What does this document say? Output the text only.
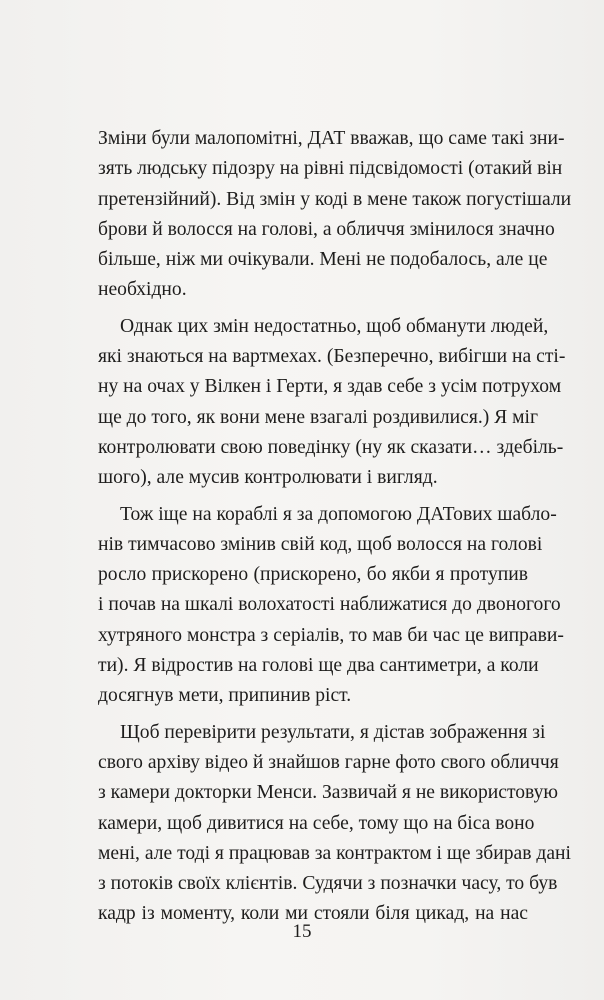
Зміни були малопомітні, ДАТ вважав, що саме такі зни-
зять людську підозру на рівні підсвідомості (отакий він
претензійний). Від змін у коді в мене також погустішали
брови й волосся на голові, а обличчя змінилося значно
більше, ніж ми очікували. Мені не подобалось, але це
необхідно.
Однак цих змін недостатньо, щоб обманути людей,
які знаються на вартмехах. (Безперечно, вибігши на сті-
ну на очах у Вілкен і Герти, я здав себе з усім потрухом
ще до того, як вони мене взагалі роздивилися.) Я міг
контролювати свою поведінку (ну як сказати… здебіль-
шого), але мусив контролювати і вигляд.
Тож іще на кораблі я за допомогою ДАТових шабло-
нів тимчасово змінив свій код, щоб волосся на голові
росло прискорено (прискорено, бо якби я протупив
і почав на шкалі волохатості наближатися до двоногого
хутряного монстра з серіалів, то мав би час це виправи-
ти). Я відростив на голові ще два сантиметри, а коли
досягнув мети, припинив ріст.
Щоб перевірити результати, я дістав зображення зі
свого архіву відео й знайшов гарне фото свого обличчя
з камери докторки Менси. Зазвичай я не використовую
камери, щоб дивитися на себе, тому що на біса воно
мені, але тоді я працював за контрактом і ще збирав дані
з потоків своїх клієнтів. Судячи з позначки часу, то був
кадр із моменту, коли ми стояли біля цикад, на нас
15
